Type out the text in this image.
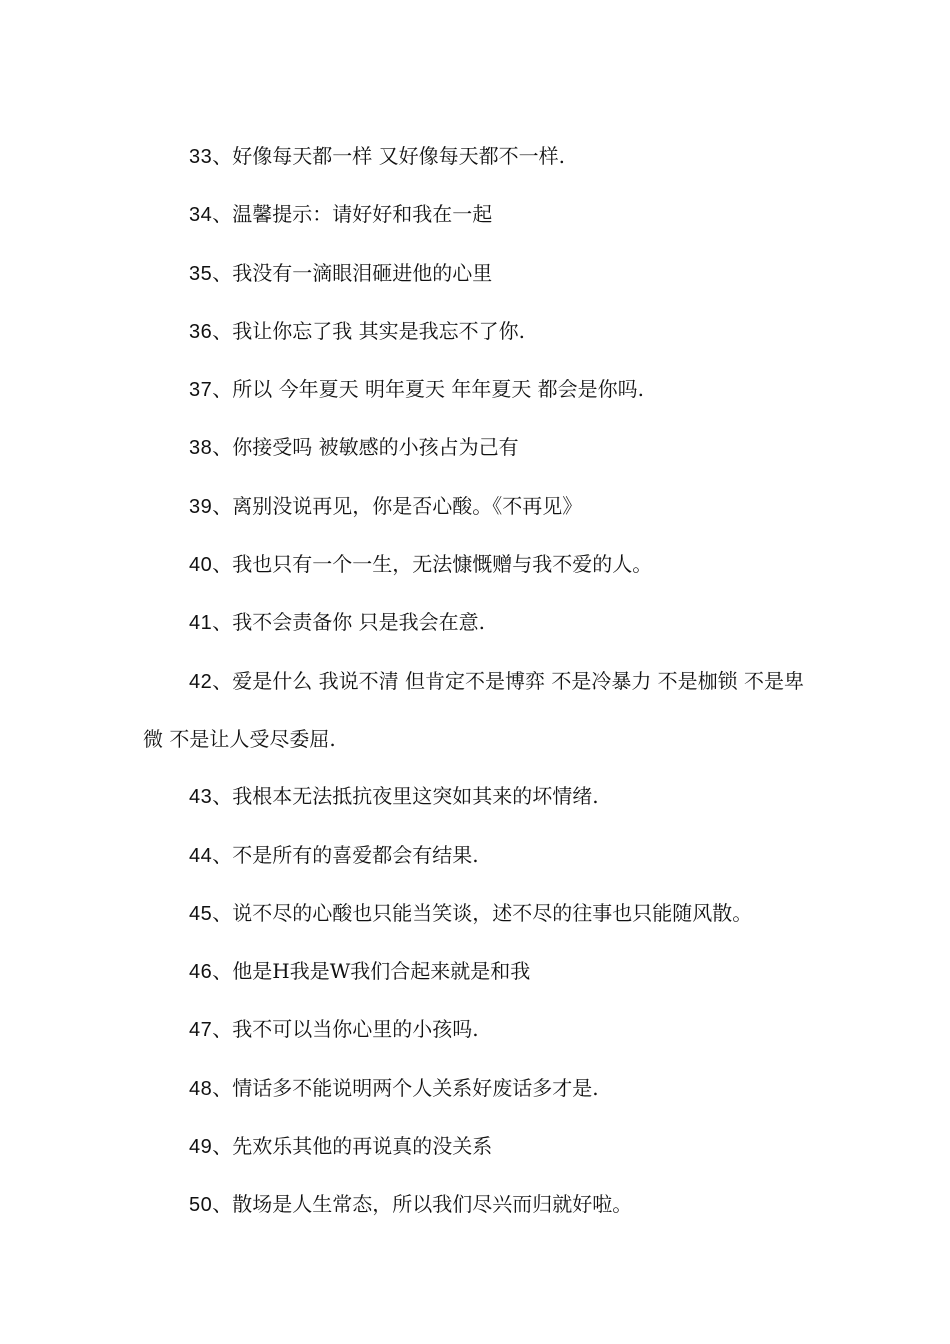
33、好像每天都一样 又好像每天都不一样.

34、温馨提示：请好好和我在一起

35、我没有一滴眼泪砸进他的心里

36、我让你忘了我 其实是我忘不了你.

37、所以 今年夏天 明年夏天 年年夏天 都会是你吗.

38、你接受吗 被敏感的小孩占为己有

39、离别没说再见，你是否心酸。《不再见》

40、我也只有一个一生，无法慷慨赠与我不爱的人。

41、我不会责备你 只是我会在意.

42、爱是什么 我说不清 但肯定不是博弈 不是冷暴力 不是枷锁 不是卑微 不是让人受尽委屈.

43、我根本无法抵抗夜里这突如其来的坏情绪.

44、不是所有的喜爱都会有结果.

45、说不尽的心酸也只能当笑谈，述不尽的往事也只能随风散。

46、他是H我是W我们合起来就是和我

47、我不可以当你心里的小孩吗.

48、情话多不能说明两个人关系好废话多才是.

49、先欢乐其他的再说真的没关系

50、散场是人生常态，所以我们尽兴而归就好啦。
